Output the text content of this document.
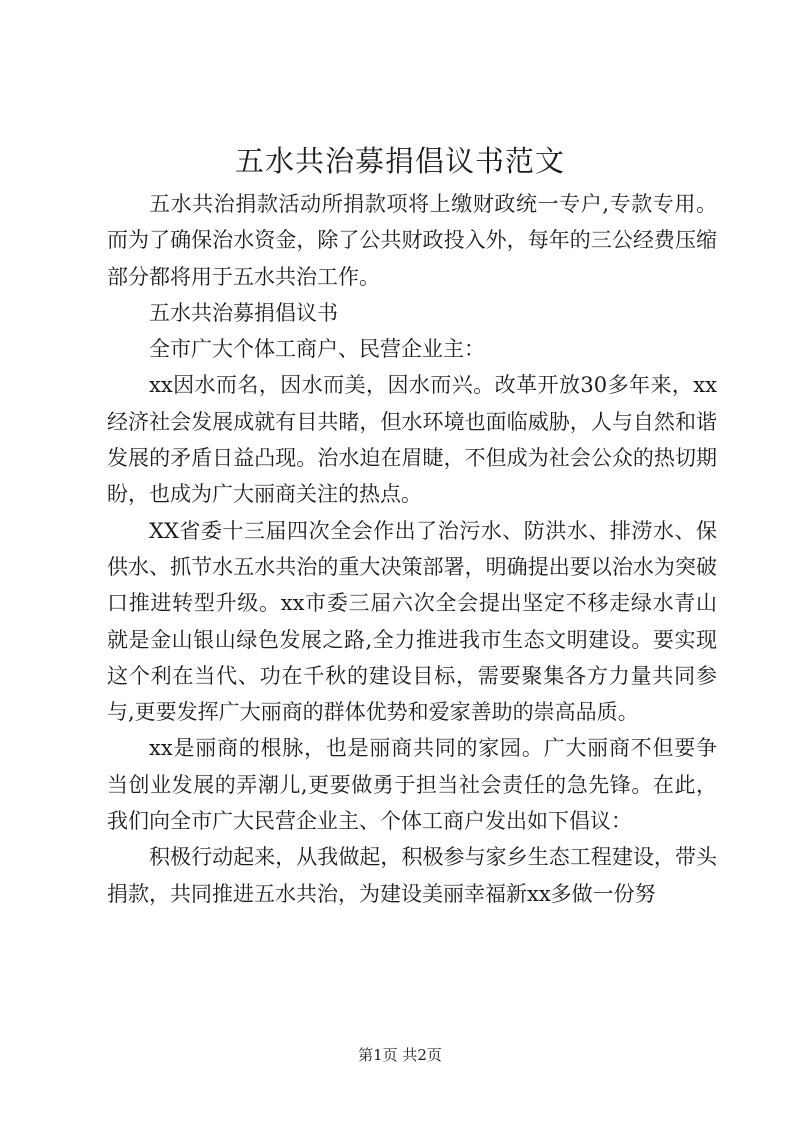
五水共治募捐倡议书范文

五水共治捐款活动所捐款项将上缴财政统一专户,专款专用。而为了确保治水资金，除了公共财政投入外，每年的三公经费压缩部分都将用于五水共治工作。

五水共治募捐倡议书

全市广大个体工商户、民营企业主：

xx因水而名，因水而美，因水而兴。改革开放30多年来，xx经济社会发展成就有目共睹，但水环境也面临威胁，人与自然和谐发展的矛盾日益凸现。治水迫在眉睫，不但成为社会公众的热切期盼，也成为广大丽商关注的热点。

XX省委十三届四次全会作出了治污水、防洪水、排涝水、保供水、抓节水五水共治的重大决策部署，明确提出要以治水为突破口推进转型升级。xx市委三届六次全会提出坚定不移走绿水青山就是金山银山绿色发展之路,全力推进我市生态文明建设。要实现这个利在当代、功在千秋的建设目标，需要聚集各方力量共同参与,更要发挥广大丽商的群体优势和爱家善助的崇高品质。

xx是丽商的根脉，也是丽商共同的家园。广大丽商不但要争当创业发展的弄潮儿,更要做勇于担当社会责任的急先锋。在此，我们向全市广大民营企业主、个体工商户发出如下倡议：

积极行动起来，从我做起，积极参与家乡生态工程建设，带头捐款，共同推进五水共治，为建设美丽幸福新xx多做一份努

第1页 共2页
